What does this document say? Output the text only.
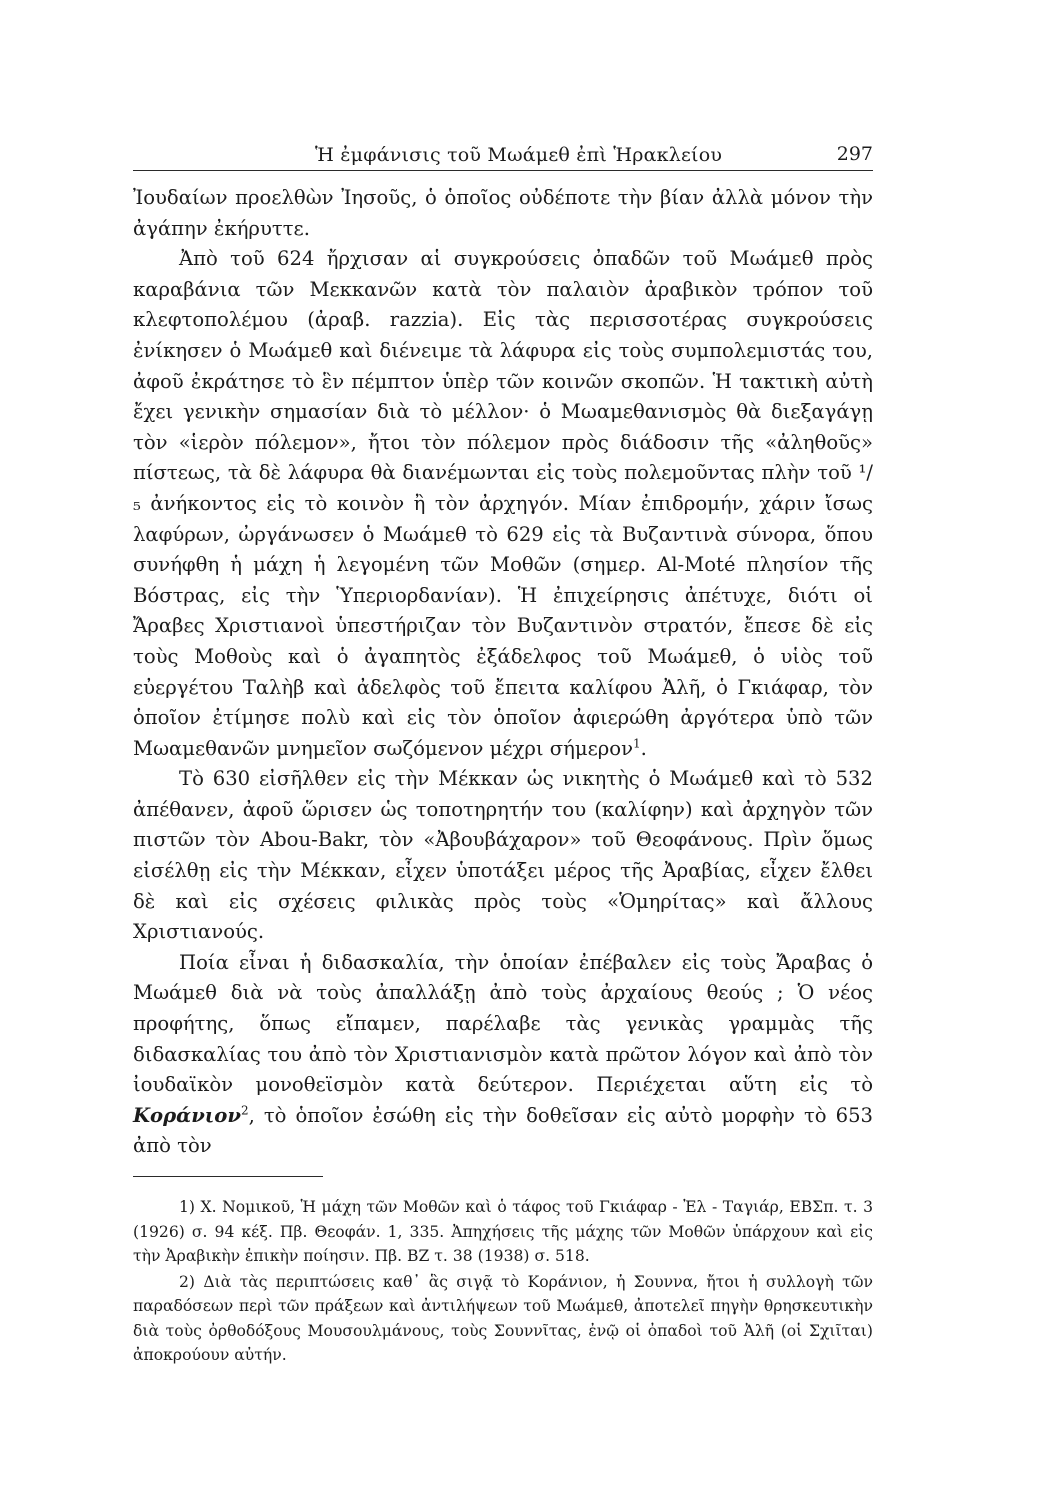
Ἡ ἐμφάνισις τοῦ Μωάμεθ ἐπὶ Ἡρακλείου	297

Ἰουδαίων προελθὼν Ἰησοῦς, ὁ ὁποῖος οὐδέποτε τὴν βίαν ἀλλὰ μόνον τὴν ἀγάπην ἐκήρυττε.

Ἀπὸ τοῦ 624 ἤρχισαν αἱ συγκρούσεις ὀπαδῶν τοῦ Μωάμεθ πρὸς καραβάνια τῶν Μεκκανῶν κατὰ τὸν παλαιὸν ἀραβικὸν τρόπον τοῦ κλεφτοπολέμου (ἀραβ. razzia). Εἰς τὰς περισσοτέρας συγκρούσεις ἐνίκησεν ὁ Μωάμεθ καὶ διένειμε τὰ λάφυρα εἰς τοὺς συμπολεμιστάς του, ἀφοῦ ἐκράτησε τὸ ἓν πέμπτον ὑπὲρ τῶν κοινῶν σκοπῶν. Ἡ τακτικὴ αὐτὴ ἔχει γενικὴν σημασίαν διὰ τὸ μέλλον· ὁ Μωαμεθανισμὸς θὰ διεξαγάγῃ τὸν «ἱερὸν πόλεμον», ἤτοι τὸν πόλεμον πρὸς διάδοσιν τῆς «ἀληθοῦς» πίστεως, τὰ δὲ λάφυρα θὰ διανέμωνται εἰς τοὺς πολεμοῦντας πλὴν τοῦ ¹/₅ ἀνήκοντος εἰς τὸ κοινὸν ἢ τὸν ἀρχηγόν. Μίαν ἐπιδρομήν, χάριν ἴσως λαφύρων, ὠργάνωσεν ὁ Μωάμεθ τὸ 629 εἰς τὰ Βυζαντινὰ σύνορα, ὅπου συνήφθη ἡ μάχη ἡ λεγομένη τῶν Μοθῶν (σημερ. Al-Moté πλησίον τῆς Βόστρας, εἰς τὴν Ὑπεριορδανίαν). Ἡ ἐπιχείρησις ἀπέτυχε, διότι οἱ Ἄραβες Χριστιανοὶ ὑπεστήριζαν τὸν Βυζαντινὸν στρατόν, ἔπεσε δὲ εἰς τοὺς Μοθοὺς καὶ ὁ ἀγαπητὸς ἐξάδελφος τοῦ Μωάμεθ, ὁ υἱὸς τοῦ εὐεργέτου Ταλὴβ καὶ ἀδελφὸς τοῦ ἔπειτα καλίφου Ἀλῆ, ὁ Γκιάφαρ, τὸν ὁποῖον ἐτίμησε πολὺ καὶ εἰς τὸν ὁποῖον ἀφιερώθη ἀργότερα ὑπὸ τῶν Μωαμεθανῶν μνημεῖον σωζόμενον μέχρι σήμερον$^1$.

Τὸ 630 εἰσῆλθεν εἰς τὴν Μέκκαν ὡς νικητὴς ὁ Μωάμεθ καὶ τὸ 532 ἀπέθανεν, ἀφοῦ ὥρισεν ὡς τοποτηρητήν του (καλίφην) καὶ ἀρχηγὸν τῶν πιστῶν τὸν Abou-Bakr, τὸν «Ἀβουβάχαρον» τοῦ Θεοφάνους. Πρὶν ὅμως εἰσέλθῃ εἰς τὴν Μέκκαν, εἶχεν ὑποτάξει μέρος τῆς Ἀραβίας, εἶχεν ἔλθει δὲ καὶ εἰς σχέσεις φιλικὰς πρὸς τοὺς «Ὁμηρίτας» καὶ ἄλλους Χριστιανούς.

Ποία εἶναι ἡ διδασκαλία, τὴν ὁποίαν ἐπέβαλεν εἰς τοὺς Ἄραβας ὁ Μωάμεθ διὰ νὰ τοὺς ἀπαλλάξῃ ἀπὸ τοὺς ἀρχαίους θεούς ; Ὁ νέος προφήτης, ὅπως εἴπαμεν, παρέλαβε τὰς γενικὰς γραμμὰς τῆς διδασκαλίας του ἀπὸ τὸν Χριστιανισμὸν κατὰ πρῶτον λόγον καὶ ἀπὸ τὸν ἰουδαϊκὸν μονοθεϊσμὸν κατὰ δεύτερον. Περιέχεται αὕτη εἰς τὸ Κοράνιον$^2$, τὸ ὁποῖον ἐσώθη εἰς τὴν δοθεῖσαν εἰς αὐτὸ μορφὴν τὸ 653 ἀπὸ τὸν

1) Χ. Νομικοῦ, Ἡ μάχη τῶν Μοθῶν καὶ ὁ τάφος τοῦ Γκιάφαρ - Ἐλ - Ταγιάρ, ΕΒΣπ. τ. 3 (1926) σ. 94 κέξ. Πβ. Θεοφάν. 1, 335. Ἀπηχήσεις τῆς μάχης τῶν Μοθῶν ὑπάρχουν καὶ εἰς τὴν Ἀραβικὴν ἐπικὴν ποίησιν. Πβ. ΒΖ τ. 38 (1938) σ. 518.

2) Διὰ τὰς περιπτώσεις καθ᾽ ἃς σιγᾷ τὸ Κοράνιον, ἡ Σουννα, ἤτοι ἡ συλλογὴ τῶν παραδόσεων περὶ τῶν πράξεων καὶ ἀντιλήψεων τοῦ Μωάμεθ, ἀποτελεῖ πηγὴν θρησκευτικὴν διὰ τοὺς ὀρθοδόξους Μουσουλμάνους, τοὺς Σουννῖτας, ἐνῷ οἱ ὀπαδοὶ τοῦ Ἀλῆ (οἱ Σχιῖται) ἀποκρούουν αὐτήν.
